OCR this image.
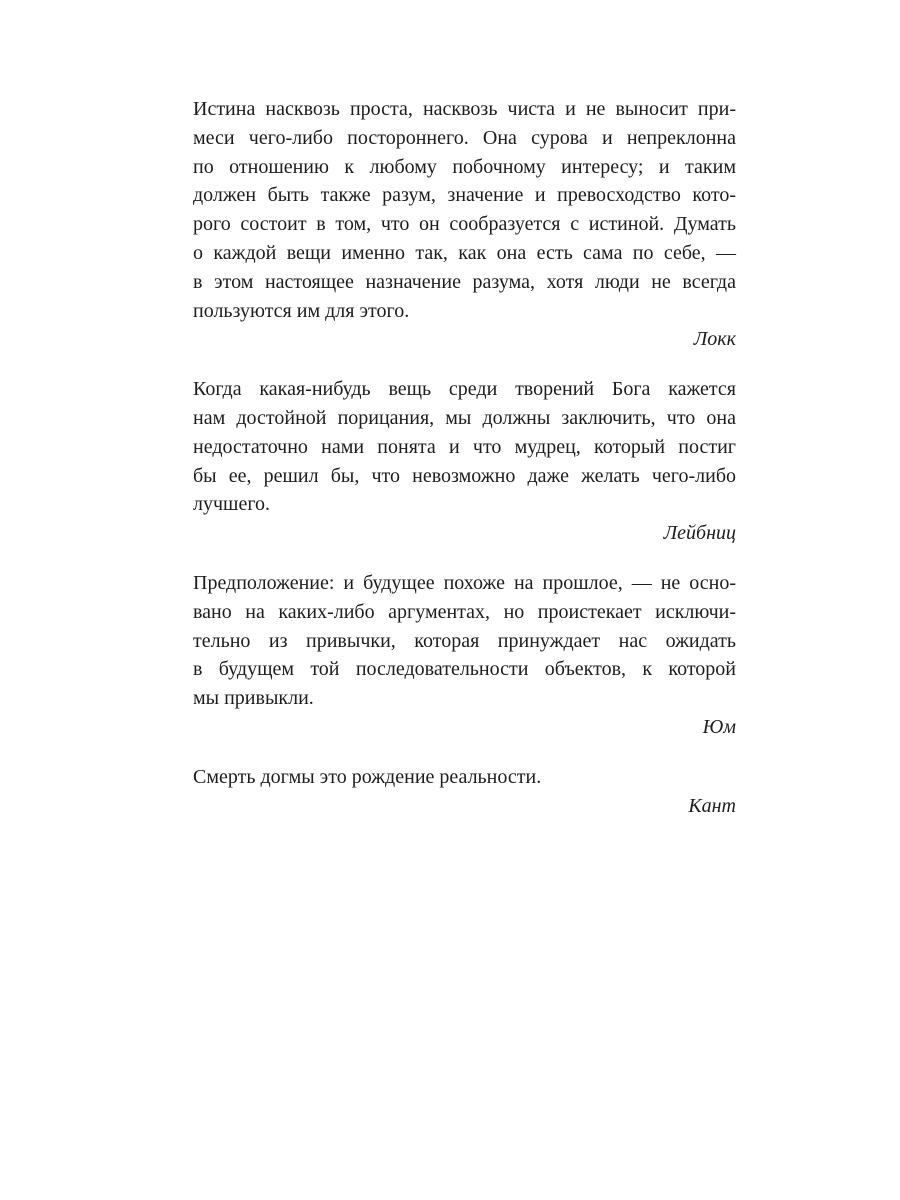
Истина насквозь проста, насквозь чиста и не выносит при-
меси чего-либо постороннего. Она сурова и непреклонна
по отношению к любому побочному интересу; и таким
должен быть также разум, значение и превосходство кото-
рого состоит в том, что он сообразуется с истиной. Думать
о каждой вещи именно так, как она есть сама по себе, —
в этом настоящее назначение разума, хотя люди не всегда
пользуются им для этого.
Локк
Когда какая-нибудь вещь среди творений Бога кажется
нам достойной порицания, мы должны заключить, что она
недостаточно нами понята и что мудрец, который постиг
бы ее, решил бы, что невозможно даже желать чего-либо
лучшего.
Лейбниц
Предположение: и будущее похоже на прошлое, — не осно-
вано на каких-либо аргументах, но проистекает исключи-
тельно из привычки, которая принуждает нас ожидать
в будущем той последовательности объектов, к которой
мы привыкли.
Юм
Смерть догмы это рождение реальности.
Кант
